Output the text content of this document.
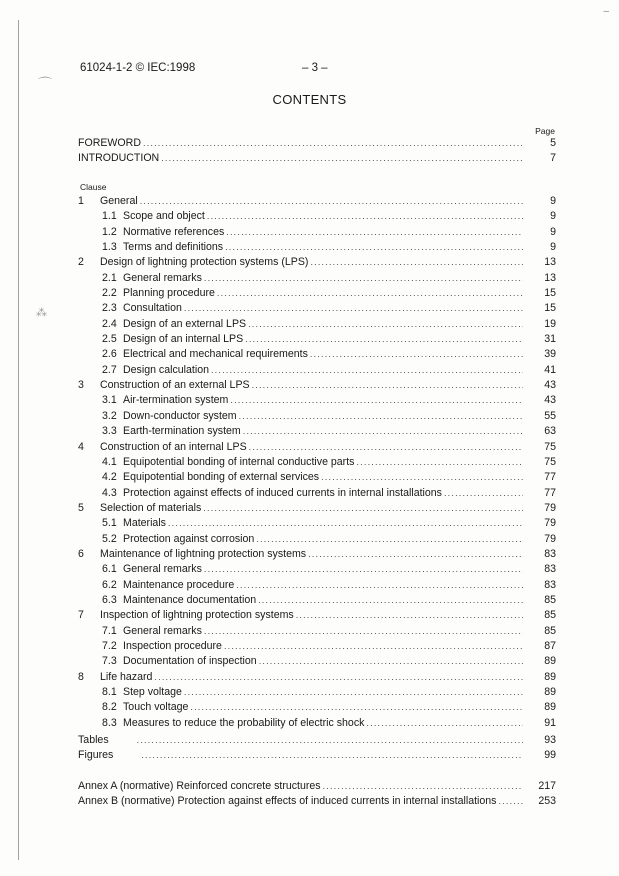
–
⌒
⁂
61024-1-2 © IEC:1998	– 3 –
CONTENTS
Page
FOREWORD .....	5
INTRODUCTION .....	7
Clause
1	General .....	9
1.1 Scope and object .....	9
1.2 Normative references .....	9
1.3 Terms and definitions .....	9
2	Design of lightning protection systems (LPS) .....	13
2.1 General remarks .....	13
2.2 Planning procedure .....	15
2.3 Consultation .....	15
2.4 Design of an external LPS .....	19
2.5 Design of an internal LPS .....	31
2.6 Electrical and mechanical requirements .....	39
2.7 Design calculation .....	41
3	Construction of an external LPS .....	43
3.1 Air-termination system .....	43
3.2 Down-conductor system .....	55
3.3 Earth-termination system .....	63
4	Construction of an internal LPS .....	75
4.1 Equipotential bonding of internal conductive parts .....	75
4.2 Equipotential bonding of external services .....	77
4.3 Protection against effects of induced currents in internal installations .....	77
5	Selection of materials .....	79
5.1 Materials .....	79
5.2 Protection against corrosion .....	79
6	Maintenance of lightning protection systems .....	83
6.1 General remarks .....	83
6.2 Maintenance procedure .....	83
6.3 Maintenance documentation .....	85
7	Inspection of lightning protection systems .....	85
7.1 General remarks .....	85
7.2 Inspection procedure .....	87
7.3 Documentation of inspection .....	89
8	Life hazard .....	89
8.1 Step voltage .....	89
8.2 Touch voltage .....	89
8.3 Measures to reduce the probability of electric shock .....	91
Tables .....	93
Figures .....	99
Annex A (normative) Reinforced concrete structures .....	217
Annex B (normative) Protection against effects of induced currents in internal installations .....	253
